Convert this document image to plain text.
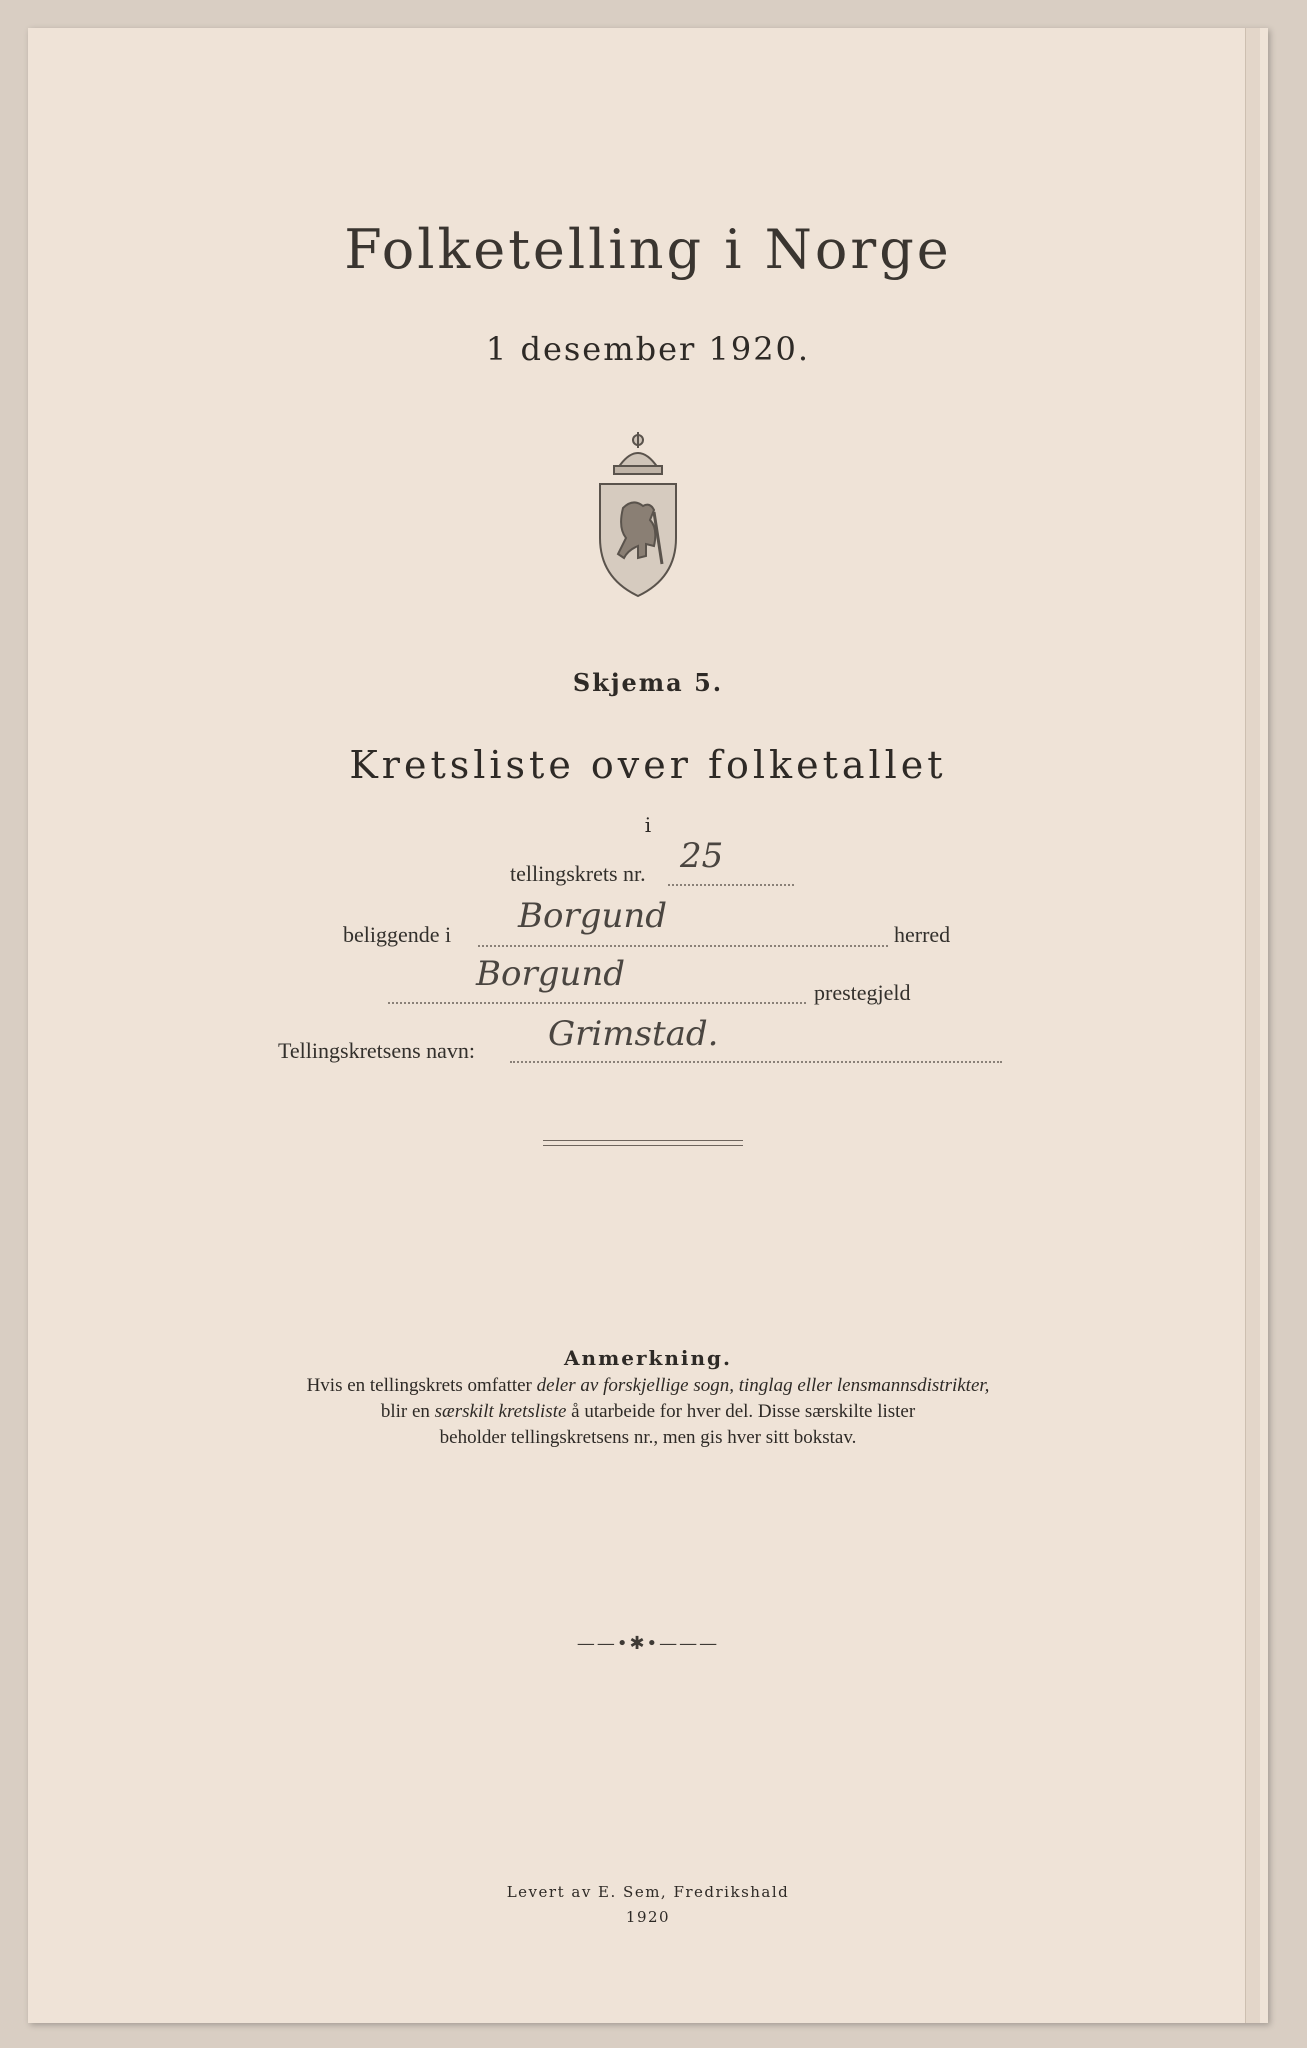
Folketelling i Norge
1 desember 1920.
Skjema 5.
Kretsliste over folketallet
i
tellingskrets nr. 25
beliggende i Borgund	herred
Borgund	prestegjeld
Tellingskretsens navn: Grimstad.
Anmerkning.
Hvis en tellingskrets omfatter deler av forskjellige sogn, tinglag eller lensmannsdistrikter,
blir en særskilt kretsliste å utarbeide for hver del. Disse særskilte lister
beholder tellingskretsens nr., men gis hver sitt bokstav.
——•✱•———
Levert av E. Sem, Fredrikshald
1920
